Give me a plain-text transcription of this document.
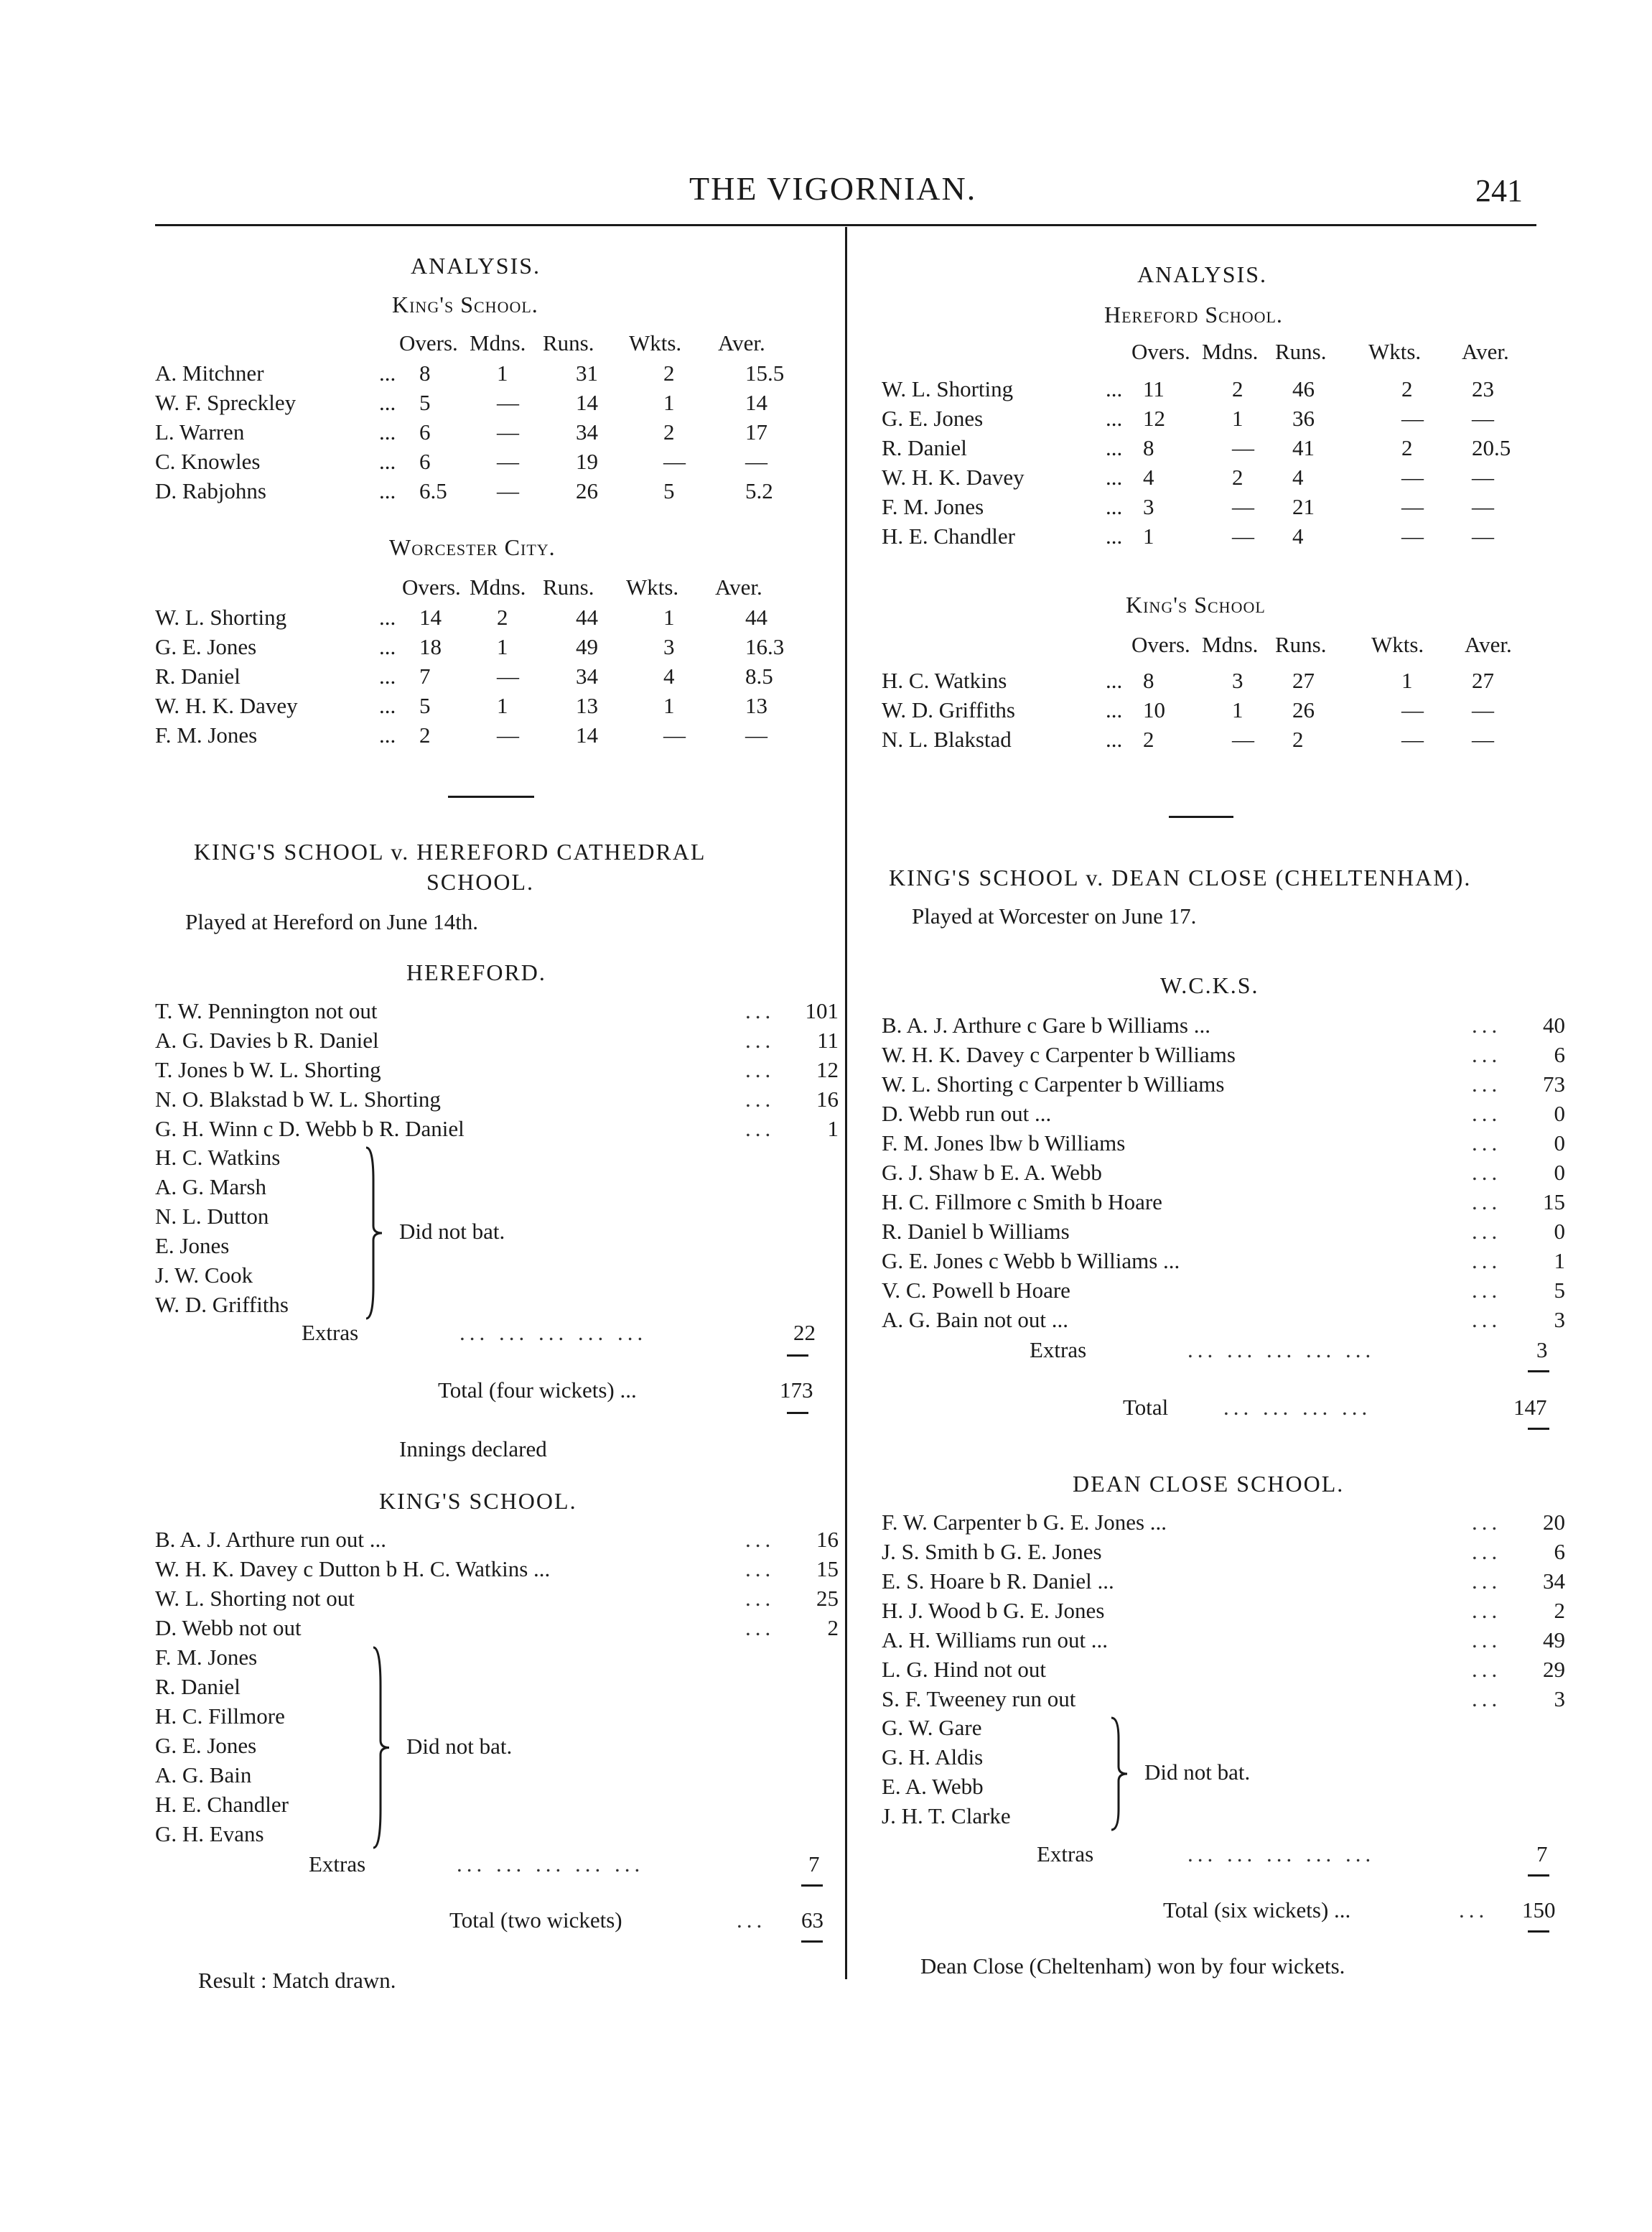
THE VIGORNIAN.	241
ANALYSIS.
King's School.
Overs. Mdns. Runs. Wkts. Aver.
Worcester City.
Overs. Mdns. Runs. Wkts. Aver.
KING'S SCHOOL v. HEREFORD CATHEDRAL
SCHOOL.
Played at Hereford on June 14th.
HEREFORD.
Extras	... ... ... ... ...	22
Total (four wickets) ...	173
Innings declared
KING'S SCHOOL.
Extras	... ... ... ... ...	7
Total (two wickets)	... 63
Result : Match drawn.
A. Mitchner	... 8	1	31	2	15.5
W. F. Spreckley	... 5	—	14	1	14
L. Warren	... 6	—	34	2	17
C. Knowles	... 6	—	19	—	—
D. Rabjohns	... 6.5 —	26	5	5.2
W. L. Shorting	... 14 2	44	1	44
G. E. Jones	... 18 1	49	3	16.3
R. Daniel	... 7	—	34	4	8.5
W. H. K. Davey	... 5	1	13	1	13
F. M. Jones	... 2	—	14	—	—
T. W. Pennington not out	... 101
A. G. Davies b R. Daniel	...	11
T. Jones b W. L. Shorting	...	12
N. O. Blakstad b W. L. Shorting	...	16
G. H. Winn c D. Webb b R. Daniel	...	1
B. A. J. Arthure run out ...	...	16
W. H. K. Davey c Dutton b H. C. Watkins ...	...	15
W. L. Shorting not out	...	25
D. Webb not out	...	2
H. C. Watkins
A. G. Marsh
N. L. Dutton
E. Jones
J. W. Cook
W. D. Griffiths
Did not bat.
F. M. Jones
R. Daniel
H. C. Fillmore
G. E. Jones
A. G. Bain
H. E. Chandler
G. H. Evans
Did not bat.
ANALYSIS.
Hereford School.
Overs. Mdns. Runs. Wkts. Aver.
King's School
Overs. Mdns. Runs. Wkts. Aver.
KING'S SCHOOL v. DEAN CLOSE (CHELTENHAM).
Played at Worcester on June 17.
W.C.K.S.
Extras	... ... ... ... ...	3
Total ... ... ... ...	147
DEAN CLOSE SCHOOL.
Extras	... ... ... ... ...	7
Total (six wickets) ...	... 150
Dean Close (Cheltenham) won by four wickets.
W. L. Shorting	... 11	2 46	2	23
G. E. Jones	... 12	1 36	— —
R. Daniel	... 8	— 41	2	20.5
W. H. K. Davey	... 4	2 4	— —
F. M. Jones	... 3	— 21	— —
H. E. Chandler	... 1	— 4	— —
H. C. Watkins	... 8	3 27	1	27
W. D. Griffiths	... 10	1 26	— —
N. L. Blakstad	... 2	— 2	— —
B. A. J. Arthure c Gare b Williams ...	...	40
W. H. K. Davey c Carpenter b Williams	...	6
W. L. Shorting c Carpenter b Williams	...	73
D. Webb run out ...	...	0
F. M. Jones lbw b Williams	...	0
G. J. Shaw b E. A. Webb	...	0
H. C. Fillmore c Smith b Hoare	...	15
R. Daniel b Williams	...	0
G. E. Jones c Webb b Williams ...	...	1
V. C. Powell b Hoare	...	5
A. G. Bain not out ...	...	3
F. W. Carpenter b G. E. Jones ...	...	20
J. S. Smith b G. E. Jones	...	6
E. S. Hoare b R. Daniel ...	...	34
H. J. Wood b G. E. Jones	...	2
A. H. Williams run out ...	...	49
L. G. Hind not out	...	29
S. F. Tweeney run out	...	3
G. W. Gare
G. H. Aldis
E. A. Webb
J. H. T. Clarke
Did not bat.
